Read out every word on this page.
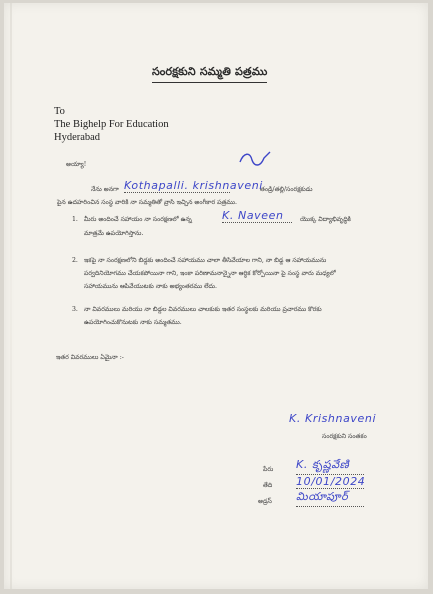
సంరక్షకుని సమ్మతి పత్రము
To
The Bighelp For Education
Hyderabad
అయ్యా!
నేను అనగా Kothapalli. krishnaveni
తండ్రి/తల్లి/సంరక్షకుడు
పైన ఉదహరించిన సంస్థ వారికి నా సమ్మతితో వ్రాసి ఇచ్చిన అంగీకార పత్రము.
1. మీరు అందించే సహాయం నా సంరక్షణలో ఉన్న	K. Naveen	యొక్క విద్యాభివృద్ధికి
మాత్రమే ఉపయోగిస్తాను.
2. ఇకపై నా సంరక్షణలోని బిడ్డకు అందించే సహాయము చాలా తీసివేయాల గాని, నా బిడ్డ ఆ సహాయమును
పర్వదినియోగము చేయకపోయినా గాని, ఇంకా పరిణామనాన్నైనా ఆర్ధిక కోర్పోయినా పై సంస్థ వారు మధ్యలో
సహాయమును ఆపివేయుటకు నాకు అభ్యంతరము లేదు.
3. నా వివరములు మరియు నా బిడ్డల వివరములు చాలకుకు ఇతర సంస్థలకు మరియు ప్రచారము కొరకు
ఉపయోగించుకొనుటకు నాకు సమ్మతము.
ఇతర వివరములు ఏమైనా :-
K. Krishnaveni
సంరక్షకుని సంతకం
పేరు K. కృష్ణవేణి
తేది 10/01/2024
అడ్రస్ మియాపూర్
